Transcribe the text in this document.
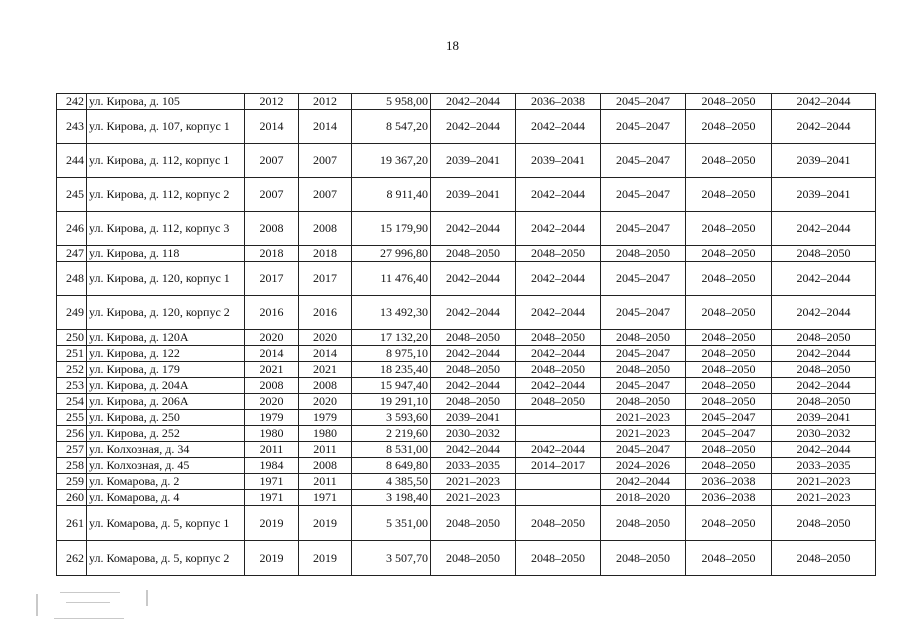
18
242	ул. Кирова, д. 105	2012	2012	5 958,00	2042–2044	2036–2038	2045–2047	2048–2050	2042–2044
243	ул. Кирова, д. 107, корпус 1	2014	2014	8 547,20	2042–2044	2042–2044	2045–2047	2048–2050	2042–2044
244	ул. Кирова, д. 112, корпус 1	2007	2007	19 367,20	2039–2041	2039–2041	2045–2047	2048–2050	2039–2041
245	ул. Кирова, д. 112, корпус 2	2007	2007	8 911,40	2039–2041	2042–2044	2045–2047	2048–2050	2039–2041
246	ул. Кирова, д. 112, корпус 3	2008	2008	15 179,90	2042–2044	2042–2044	2045–2047	2048–2050	2042–2044
247	ул. Кирова, д. 118	2018	2018	27 996,80	2048–2050	2048–2050	2048–2050	2048–2050	2048–2050
248	ул. Кирова, д. 120, корпус 1	2017	2017	11 476,40	2042–2044	2042–2044	2045–2047	2048–2050	2042–2044
249	ул. Кирова, д. 120, корпус 2	2016	2016	13 492,30	2042–2044	2042–2044	2045–2047	2048–2050	2042–2044
250	ул. Кирова, д. 120А	2020	2020	17 132,20	2048–2050	2048–2050	2048–2050	2048–2050	2048–2050
251	ул. Кирова, д. 122	2014	2014	8 975,10	2042–2044	2042–2044	2045–2047	2048–2050	2042–2044
252	ул. Кирова, д. 179	2021	2021	18 235,40	2048–2050	2048–2050	2048–2050	2048–2050	2048–2050
253	ул. Кирова, д. 204А	2008	2008	15 947,40	2042–2044	2042–2044	2045–2047	2048–2050	2042–2044
254	ул. Кирова, д. 206А	2020	2020	19 291,10	2048–2050	2048–2050	2048–2050	2048–2050	2048–2050
255	ул. Кирова, д. 250	1979	1979	3 593,60	2039–2041		2021–2023	2045–2047	2039–2041
256	ул. Кирова, д. 252	1980	1980	2 219,60	2030–2032		2021–2023	2045–2047	2030–2032
257	ул. Колхозная, д. 34	2011	2011	8 531,00	2042–2044	2042–2044	2045–2047	2048–2050	2042–2044
258	ул. Колхозная, д. 45	1984	2008	8 649,80	2033–2035	2014–2017	2024–2026	2048–2050	2033–2035
259	ул. Комарова, д. 2	1971	2011	4 385,50	2021–2023		2042–2044	2036–2038	2021–2023
260	ул. Комарова, д. 4	1971	1971	3 198,40	2021–2023		2018–2020	2036–2038	2021–2023
261	ул. Комарова, д. 5, корпус 1	2019	2019	5 351,00	2048–2050	2048–2050	2048–2050	2048–2050	2048–2050
262	ул. Комарова, д. 5, корпус 2	2019	2019	3 507,70	2048–2050	2048–2050	2048–2050	2048–2050	2048–2050
